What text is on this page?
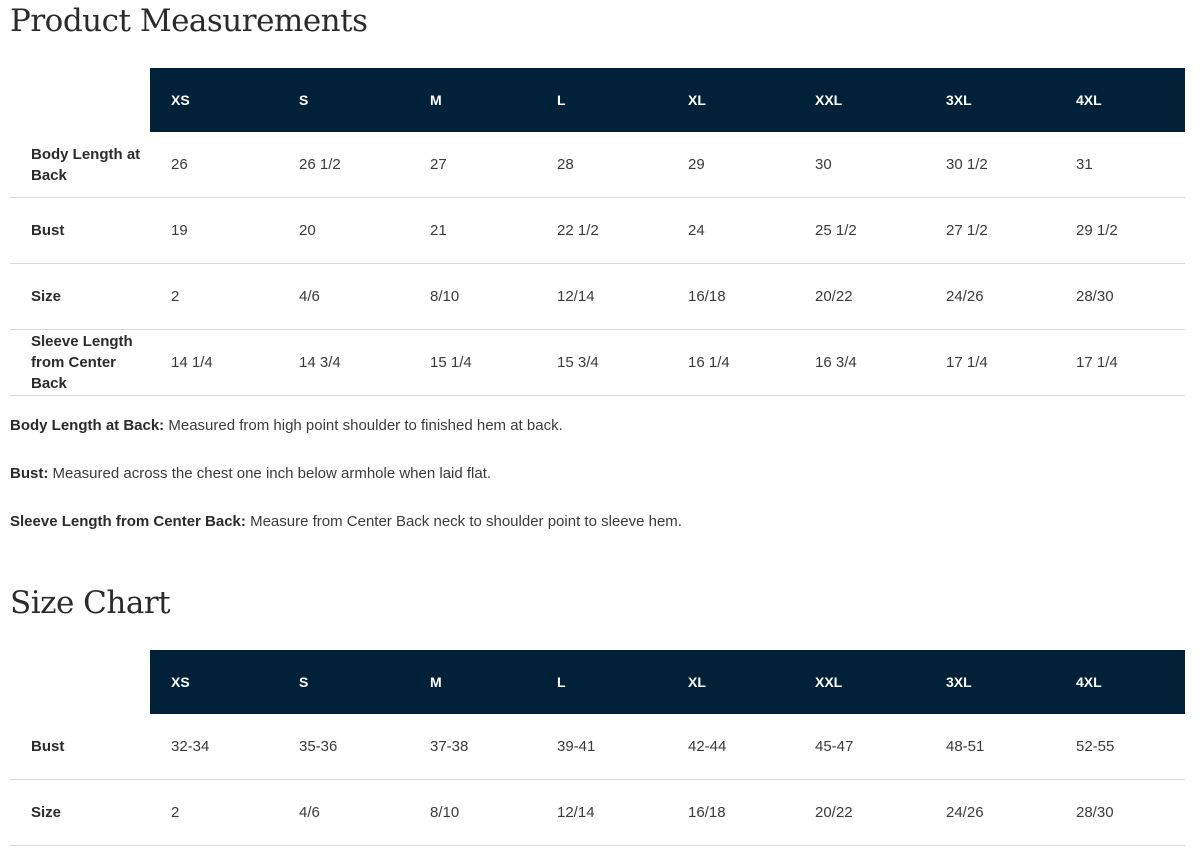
Product Measurements
	XS	S	M	L	XL	XXL	3XL	4XL
Body Length at Back	26	26 1/2	27	28	29	30	30 1/2	31
Bust	19	20	21	22 1/2	24	25 1/2	27 1/2	29 1/2
Size	2	4/6	8/10	12/14	16/18	20/22	24/26	28/30
Sleeve Length from Center Back	14 1/4	14 3/4	15 1/4	15 3/4	16 1/4	16 3/4	17 1/4	17 1/4

Body Length at Back: Measured from high point shoulder to finished hem at back.

Bust: Measured across the chest one inch below armhole when laid flat.

Sleeve Length from Center Back: Measure from Center Back neck to shoulder point to sleeve hem.

Size Chart
	XS	S	M	L	XL	XXL	3XL	4XL
Bust	32-34	35-36	37-38	39-41	42-44	45-47	48-51	52-55
Size	2	4/6	8/10	12/14	16/18	20/22	24/26	28/30
